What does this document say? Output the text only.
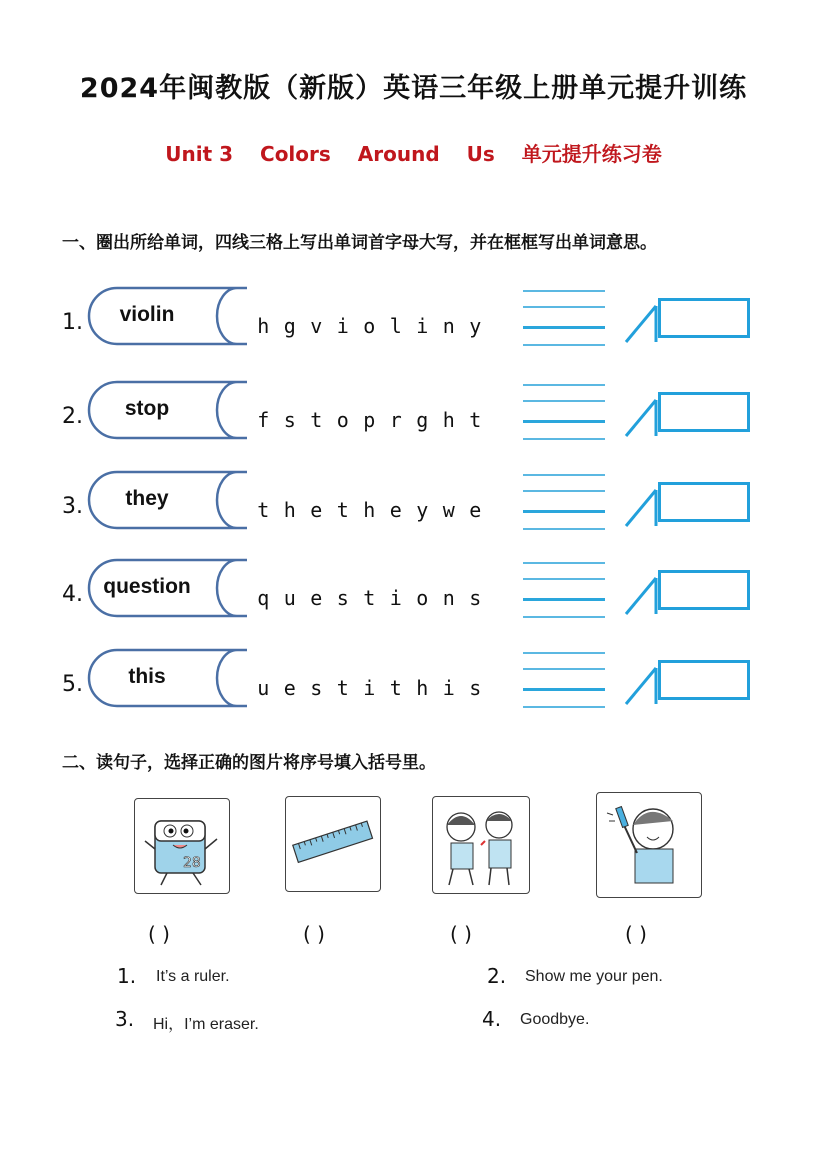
2024年闽教版（新版）英语三年级上册单元提升训练
Unit 3 Colors Around Us 单元提升练习卷
一、圈出所给单词，四线三格上写出单词首字母大写，并在框框写出单词意思。
1.	violin	h g v i o l i n y
2.	stop	f s t o p r g h t
3.	they	t h e t h e y w e
4. question	q u e s t i o n s
5.	this	u e s t i t h i s
二、读句子，选择正确的图片将序号填入括号里。
28
( )	( )	( )	( )
1. It’s a ruler.	2. Show me your pen.
3. Hi，I’m eraser.	4. Goodbye.
